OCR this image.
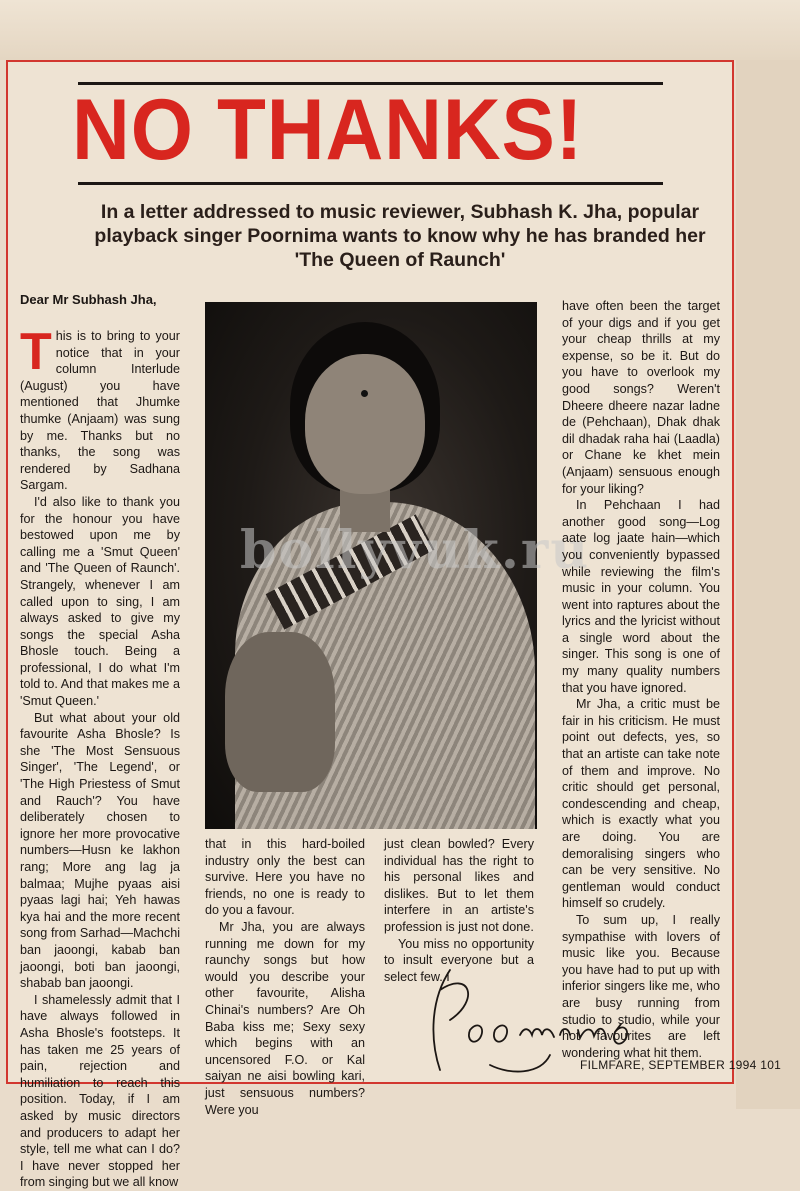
NO THANKS!
In a letter addressed to music reviewer, Subhash K. Jha, popular playback singer Poornima wants to know why he has branded her 'The Queen of Raunch'
Dear Mr Subhash Jha,

This is to bring to your notice that in your column Interlude (August) you have mentioned that Jhumke thumke (Anjaam) was sung by me. Thanks but no thanks, the song was rendered by Sadhana Sargam.

I'd also like to thank you for the honour you have bestowed upon me by calling me a 'Smut Queen' and 'The Queen of Raunch'. Strangely, whenever I am called upon to sing, I am always asked to give my songs the special Asha Bhosle touch. Being a professional, I do what I'm told to. And that makes me a 'Smut Queen.'

But what about your old favourite Asha Bhosle? Is she 'The Most Sensuous Singer', 'The Legend', or 'The High Priestess of Smut and Rauch'? You have deliberately chosen to ignore her more provocative numbers—Husn ke lakhon rang; More ang lag ja balmaa; Mujhe pyaas aisi pyaas lagi hai; Yeh hawas kya hai and the more recent song from Sarhad—Machchi ban jaoongi, kabab ban jaoongi, boti ban jaoongi, shabab ban jaoongi.

I shamelessly admit that I have always followed in Asha Bhosle's footsteps. It has taken me 25 years of pain, rejection and humiliation to reach this position. Today, if I am asked by music directors and producers to adapt her style, tell me what can I do? I have never stopped her from singing but we all know

bollyvuk.ru

that in this hard-boiled industry only the best can survive. Here you have no friends, no one is ready to do you a favour.

Mr Jha, you are always running me down for my raunchy songs but how would you describe your other favourite, Alisha Chinai's numbers? Are Oh Baba kiss me; Sexy sexy which begins with an uncensored F.O. or Kal saiyan ne aisi bowling kari, just sensuous numbers? Were you

just clean bowled? Every individual has the right to his personal likes and dislikes. But to let them interfere in an artiste's profession is just not done.

You miss no opportunity to insult everyone but a select few. I

have often been the target of your digs and if you get your cheap thrills at my expense, so be it. But do you have to overlook my good songs? Weren't Dheere dheere nazar ladne de (Pehchaan), Dhak dhak dil dhadak raha hai (Laadla) or Chane ke khet mein (Anjaam) sensuous enough for your liking?

In Pehchaan I had another good song—Log aate log jaate hain—which you conveniently bypassed while reviewing the film's music in your column. You went into raptures about the lyrics and the lyricist without a single word about the singer. This song is one of my many quality numbers that you have ignored.

Mr Jha, a critic must be fair in his criticism. He must point out defects, yes, so that an artiste can take note of them and improve. No critic should get personal, condescending and cheap, which is exactly what you are doing. You are demoralising singers who can be very sensitive. No gentleman would conduct himself so crudely.

To sum up, I really sympathise with lovers of music like you. Because you have had to put up with inferior singers like me, who are busy running from studio to studio, while your hot favourites are left wondering what hit them.

FILMFARE, SEPTEMBER 1994 101
